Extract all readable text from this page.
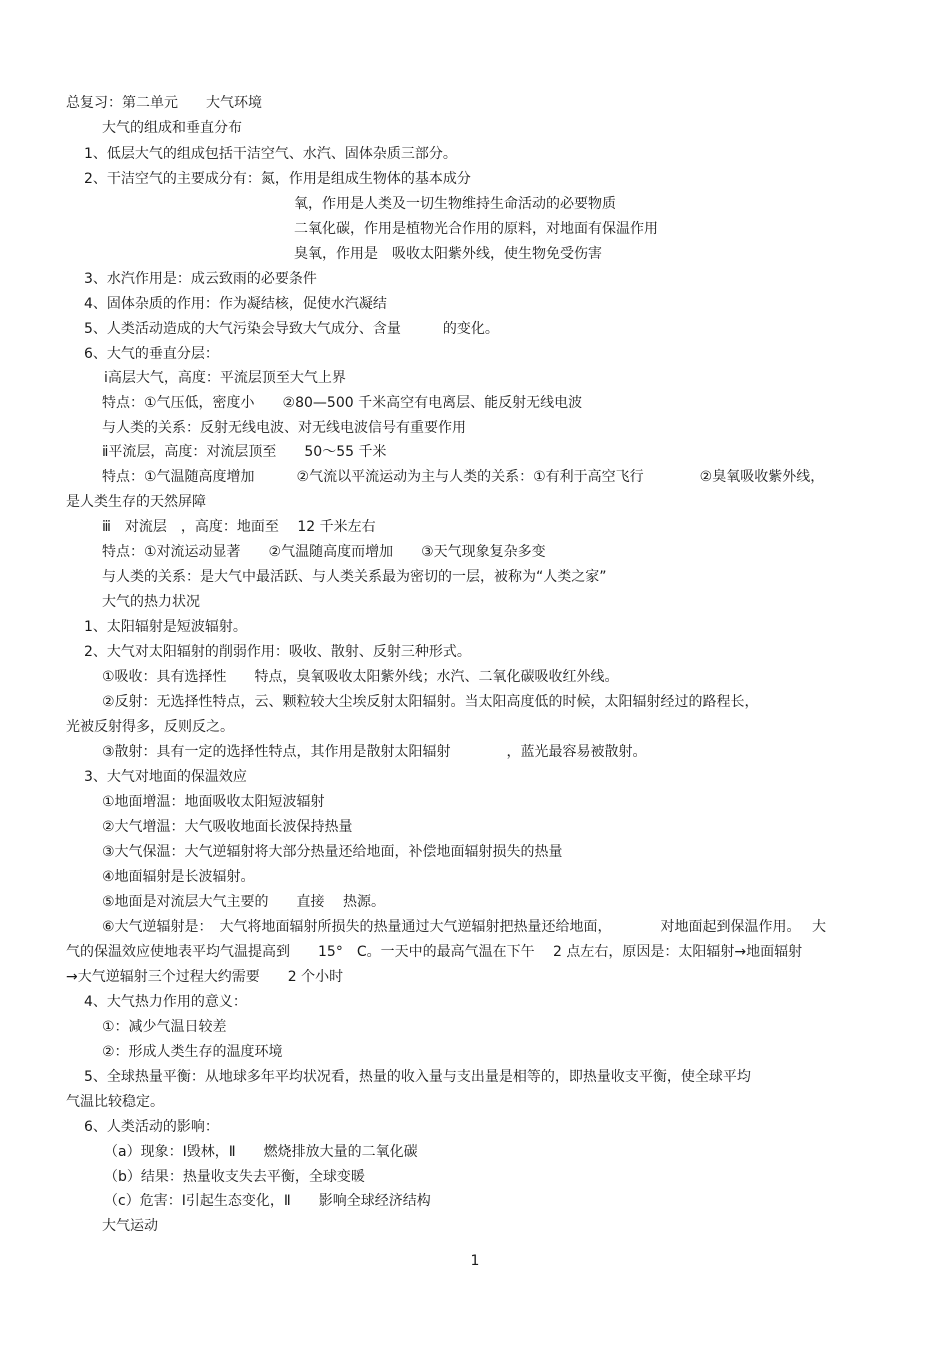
总复习：第二单元　　大气环境
大气的组成和垂直分布
1、低层大气的组成包括干洁空气、水汽、固体杂质三部分。
2、干洁空气的主要成分有：氮，作用是组成生物体的基本成分
氧，作用是人类及一切生物维持生命活动的必要物质
二氧化碳，作用是植物光合作用的原料，对地面有保温作用
臭氧，作用是　吸收太阳紫外线，使生物免受伤害
3、水汽作用是：成云致雨的必要条件
4、固体杂质的作用：作为凝结核，促使水汽凝结
5、人类活动造成的大气污染会导致大气成分、含量　　　的变化。
6、大气的垂直分层：
ⅰ高层大气，高度：平流层顶至大气上界
特点：①气压低，密度小　　②80—500 千米高空有电离层、能反射无线电波
与人类的关系：反射无线电波、对无线电波信号有重要作用
ⅱ平流层，高度：对流层顶至　　50～55 千米
特点：①气温随高度增加　　　②气流以平流运动为主与人类的关系：①有利于高空飞行　　　　②臭氧吸收紫外线，
是人类生存的天然屏障
ⅲ　对流层　，高度：地面至　 12 千米左右
特点：①对流运动显著　　②气温随高度而增加　　③天气现象复杂多变
与人类的关系：是大气中最活跃、与人类关系最为密切的一层，被称为“人类之家”
大气的热力状况
1、太阳辐射是短波辐射。
2、大气对太阳辐射的削弱作用：吸收、散射、反射三种形式。
①吸收：具有选择性　　特点，臭氧吸收太阳紫外线；水汽、二氧化碳吸收红外线。
②反射：无选择性特点，云、颗粒较大尘埃反射太阳辐射。当太阳高度低的时候，太阳辐射经过的路程长，
光被反射得多，反则反之。
③散射：具有一定的选择性特点，其作用是散射太阳辐射　　　　，蓝光最容易被散射。
3、大气对地面的保温效应
①地面增温：地面吸收太阳短波辐射
②大气增温：大气吸收地面长波保持热量
③大气保温：大气逆辐射将大部分热量还给地面，补偿地面辐射损失的热量
④地面辐射是长波辐射。
⑤地面是对流层大气主要的　　直接　 热源。
⑥大气逆辐射是：　大气将地面辐射所损失的热量通过大气逆辐射把热量还给地面，　　　　对地面起到保温作用。　 大
气的保温效应使地表平均气温提高到　　15°　C。一天中的最高气温在下午　 2 点左右，原因是：太阳辐射→地面辐射
→大气逆辐射三个过程大约需要　　2 个小时
4、大气热力作用的意义：
①：减少气温日较差
②：形成人类生存的温度环境
5、全球热量平衡：从地球多年平均状况看，热量的收入量与支出量是相等的，即热量收支平衡，使全球平均
气温比较稳定。
6、人类活动的影响：
（a）现象：Ⅰ毁林，Ⅱ　　燃烧排放大量的二氧化碳
（b）结果：热量收支失去平衡，全球变暖
（c）危害：Ⅰ引起生态变化，Ⅱ　　影响全球经济结构
大气运动
1
